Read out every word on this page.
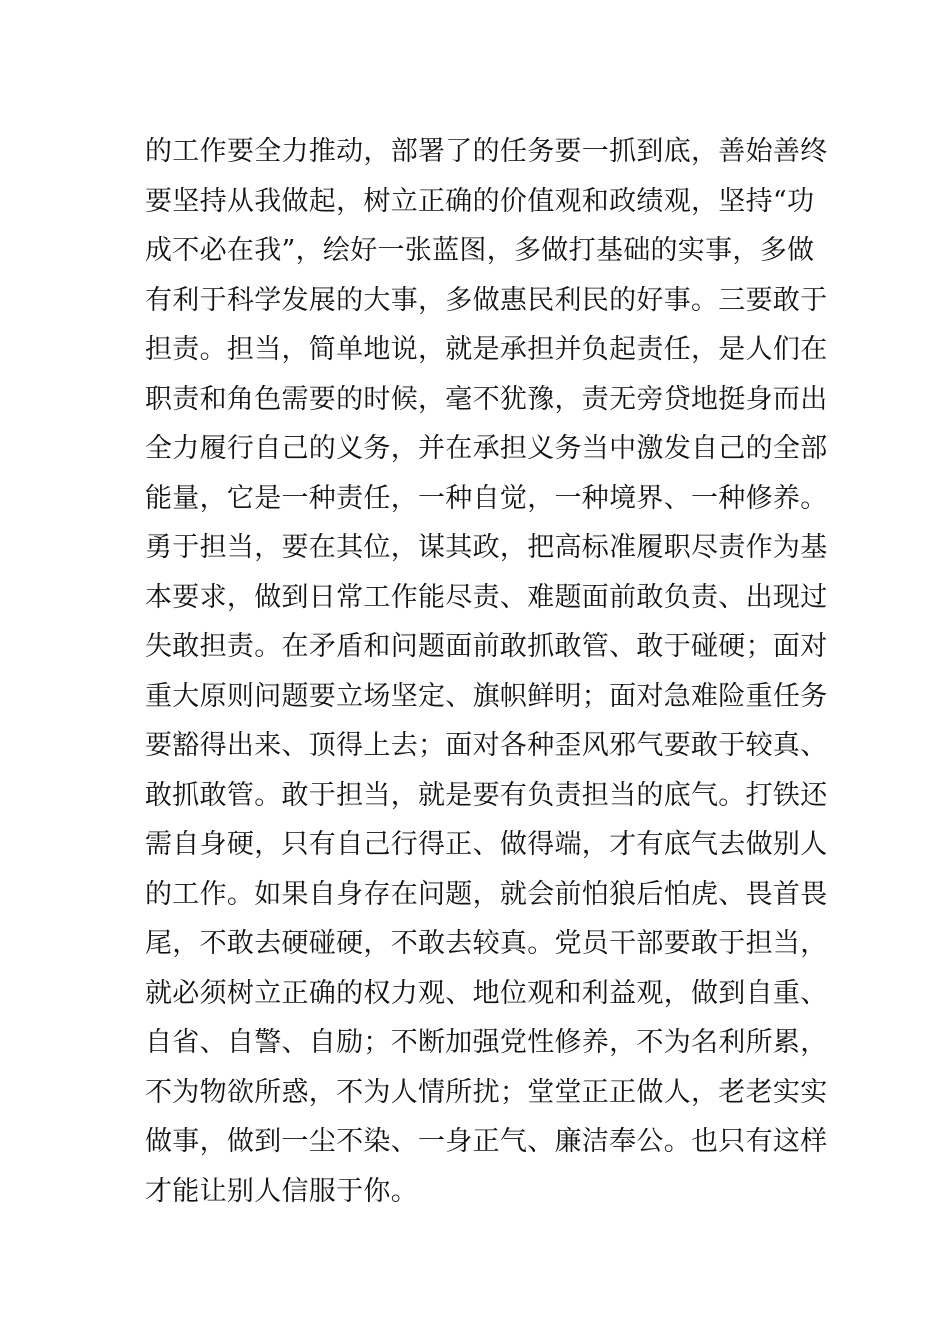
的工作要全力推动，部署了的任务要一抓到底，善始善终
要坚持从我做起，树立正确的价值观和政绩观，坚持“功
成不必在我”，绘好一张蓝图，多做打基础的实事，多做
有利于科学发展的大事，多做惠民利民的好事。三要敢于
担责。担当，简单地说，就是承担并负起责任，是人们在
职责和角色需要的时候，毫不犹豫，责无旁贷地挺身而出
全力履行自己的义务，并在承担义务当中激发自己的全部
能量，它是一种责任，一种自觉，一种境界、一种修养。
勇于担当，要在其位，谋其政，把高标准履职尽责作为基
本要求，做到日常工作能尽责、难题面前敢负责、出现过
失敢担责。在矛盾和问题面前敢抓敢管、敢于碰硬；面对
重大原则问题要立场坚定、旗帜鲜明；面对急难险重任务
要豁得出来、顶得上去；面对各种歪风邪气要敢于较真、
敢抓敢管。敢于担当，就是要有负责担当的底气。打铁还
需自身硬，只有自己行得正、做得端，才有底气去做别人
的工作。如果自身存在问题，就会前怕狼后怕虎、畏首畏
尾，不敢去硬碰硬，不敢去较真。党员干部要敢于担当，
就必须树立正确的权力观、地位观和利益观，做到自重、
自省、自警、自励；不断加强党性修养，不为名利所累，
不为物欲所惑，不为人情所扰；堂堂正正做人，老老实实
做事，做到一尘不染、一身正气、廉洁奉公。也只有这样
才能让别人信服于你。
